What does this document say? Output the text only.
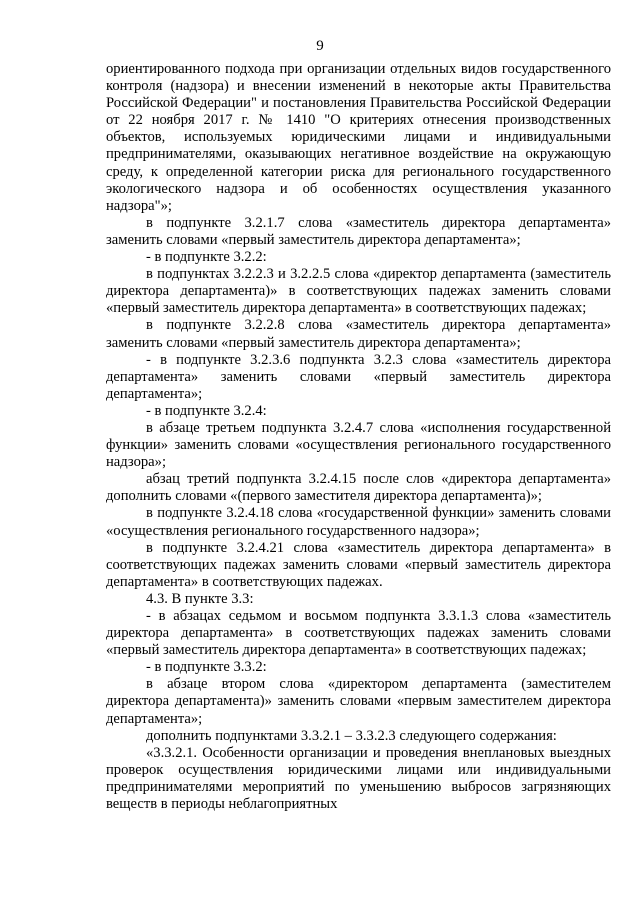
9

ориентированного подхода при организации отдельных видов государственного контроля (надзора) и внесении изменений в некоторые акты Правительства Российской Федерации" и постановления Правительства Российской Федерации от 22 ноября 2017 г. № 1410 "О критериях отнесения производственных объектов, используемых юридическими лицами и индивидуальными предпринимателями, оказывающих негативное воздействие на окружающую среду, к определенной категории риска для регионального государственного экологического надзора и об особенностях осуществления указанного надзора"»;

в подпункте 3.2.1.7 слова «заместитель директора департамента» заменить словами «первый заместитель директора департамента»;

- в подпункте 3.2.2:

в подпунктах 3.2.2.3 и 3.2.2.5 слова «директор департамента (заместитель директора департамента)» в соответствующих падежах заменить словами «первый заместитель директора департамента» в соответствующих падежах;

в подпункте 3.2.2.8 слова «заместитель директора департамента» заменить словами «первый заместитель директора департамента»;

- в подпункте 3.2.3.6 подпункта 3.2.3 слова «заместитель директора департамента» заменить словами «первый заместитель директора департамента»;

- в подпункте 3.2.4:

в абзаце третьем подпункта 3.2.4.7 слова «исполнения государственной функции» заменить словами «осуществления регионального государственного надзора»;

абзац третий подпункта 3.2.4.15 после слов «директора департамента» дополнить словами «(первого заместителя директора департамента)»;

в подпункте 3.2.4.18 слова «государственной функции» заменить словами «осуществления регионального государственного надзора»;

в подпункте 3.2.4.21 слова «заместитель директора департамента» в соответствующих падежах заменить словами «первый заместитель директора департамента» в соответствующих падежах.

4.3. В пункте 3.3:

- в абзацах седьмом и восьмом подпункта 3.3.1.3 слова «заместитель директора департамента» в соответствующих падежах заменить словами «первый заместитель директора департамента» в соответствующих падежах;

- в подпункте 3.3.2:

в абзаце втором слова «директором департамента (заместителем директора департамента)» заменить словами «первым заместителем директора департамента»;

дополнить подпунктами 3.3.2.1 – 3.3.2.3 следующего содержания:

«3.3.2.1. Особенности организации и проведения внеплановых выездных проверок осуществления юридическими лицами или индивидуальными предпринимателями мероприятий по уменьшению выбросов загрязняющих веществ в периоды неблагоприятных
